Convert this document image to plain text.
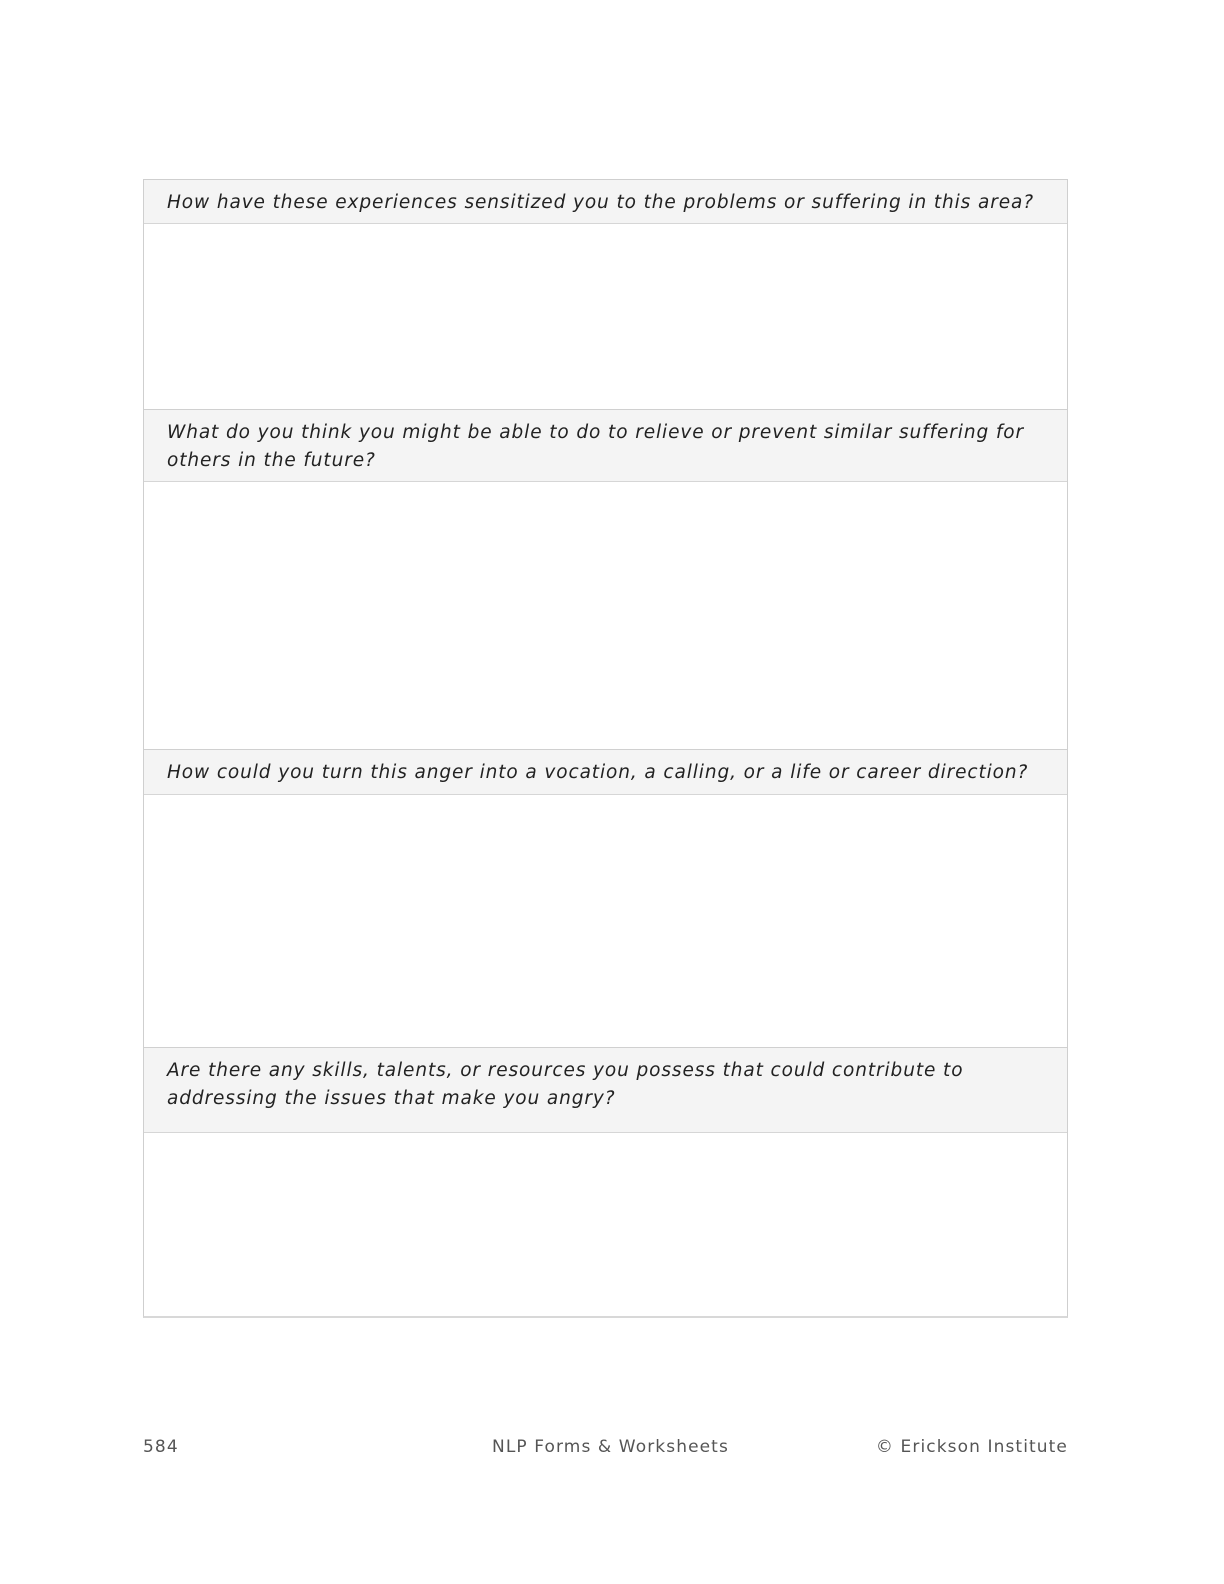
How have these experiences sensitized you to the problems or suffering in this area?
What do you think you might be able to do to relieve or prevent similar suffering for others in the future?
How could you turn this anger into a vocation, a calling, or a life or career direction?
Are there any skills, talents, or resources you possess that could contribute to addressing the issues that make you angry?
584	NLP Forms & Worksheets	© Erickson Institute
